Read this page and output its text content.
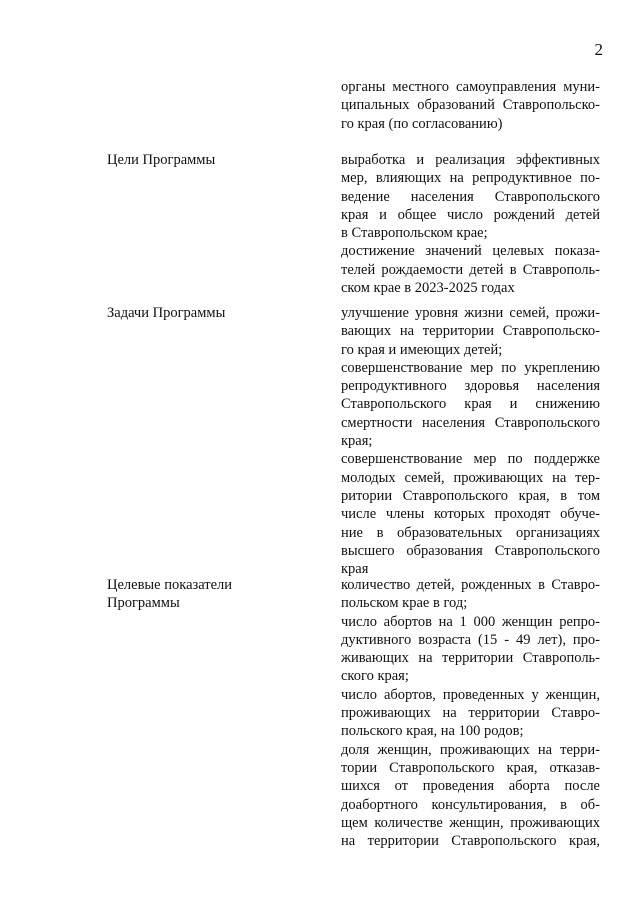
2
органы местного самоуправления муни-
ципальных образований Ставропольско-
го края (по согласованию)
Цели Программы	выработка и реализация эффективных
мер, влияющих на репродуктивное по-
ведение населения Ставропольского
края и общее число рождений детей
в Ставропольском крае;
достижение значений целевых показа-
телей рождаемости детей в Ставрополь-
ском крае в 2023-2025 годах
Задачи Программы	улучшение уровня жизни семей, прожи-
вающих на территории Ставропольско-
го края и имеющих детей;
совершенствование мер по укреплению
репродуктивного здоровья населения
Ставропольского края и снижению
смертности населения Ставропольского
края;
совершенствование мер по поддержке
молодых семей, проживающих на тер-
ритории Ставропольского края, в том
числе члены которых проходят обуче-
ние в образовательных организациях
высшего образования Ставропольского
края
Целевые показатели
Программы
количество детей, рожденных в Ставро-
польском крае в год;
число абортов на 1 000 женщин репро-
дуктивного возраста (15 - 49 лет), про-
живающих на территории Ставрополь-
ского края;
число абортов, проведенных у женщин,
проживающих на территории Ставро-
польского края, на 100 родов;
доля женщин, проживающих на терри-
тории Ставропольского края, отказав-
шихся от проведения аборта после
доабортного консультирования, в об-
щем количестве женщин, проживающих
на территории Ставропольского края,
